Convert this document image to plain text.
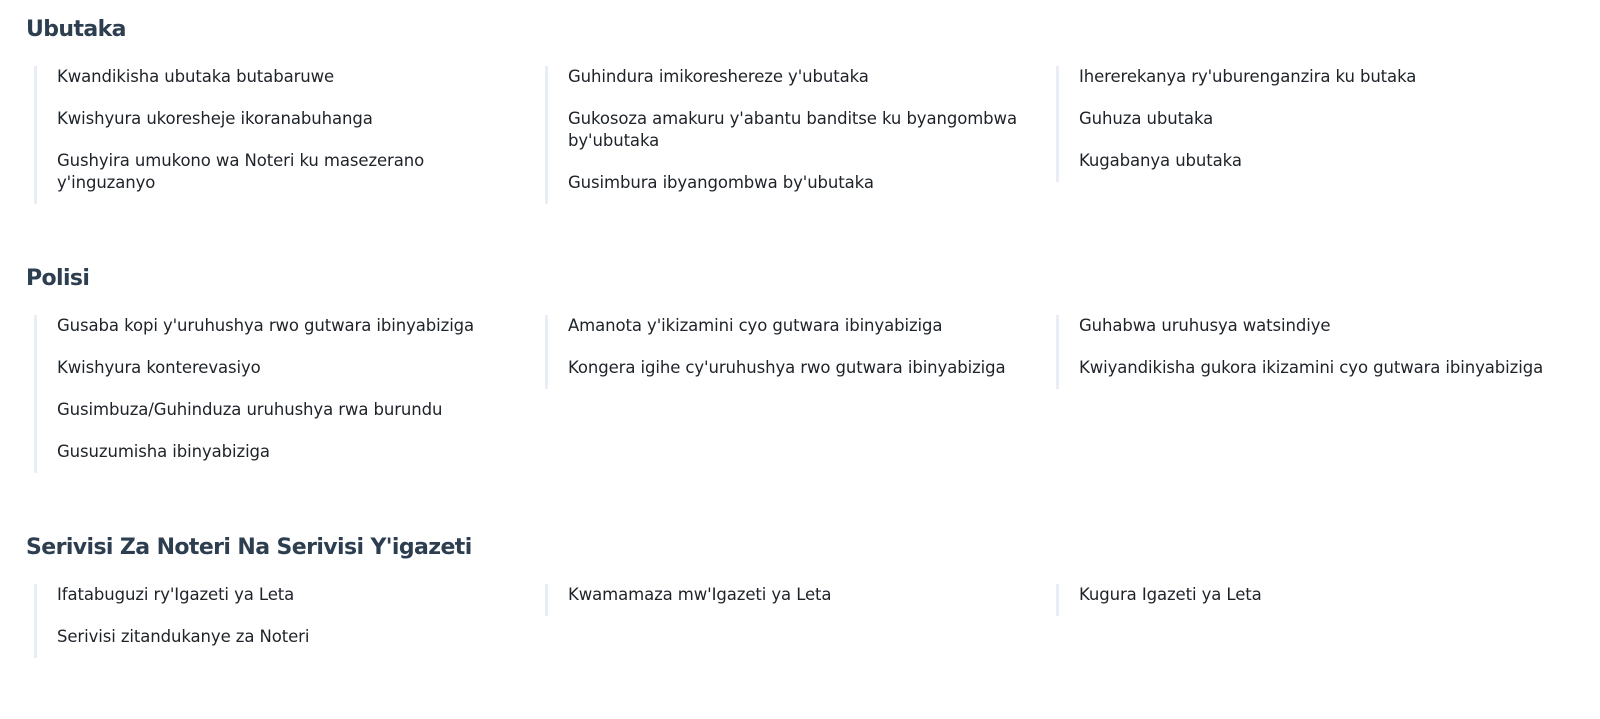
Ubutaka
Kwandikisha ubutaka butabaruwe
Kwishyura ukoresheje ikoranabuhanga
Gushyira umukono wa Noteri ku masezerano y'inguzanyo
Guhindura imikoreshereze y'ubutaka
Gukosoza amakuru y'abantu banditse ku byangombwa by'ubutaka
Gusimbura ibyangombwa by'ubutaka
Ihererekanya ry'uburenganzira ku butaka
Guhuza ubutaka
Kugabanya ubutaka
Polisi
Gusaba kopi y'uruhushya rwo gutwara ibinyabiziga
Kwishyura konterevasiyo
Gusimbuza/Guhinduza uruhushya rwa burundu
Gusuzumisha ibinyabiziga
Amanota y'ikizamini cyo gutwara ibinyabiziga
Kongera igihe cy'uruhushya rwo gutwara ibinyabiziga
Guhabwa uruhusya watsindiye
Kwiyandikisha gukora ikizamini cyo gutwara ibinyabiziga
Serivisi Za Noteri Na Serivisi Y'igazeti
Ifatabuguzi ry'Igazeti ya Leta
Serivisi zitandukanye za Noteri
Kwamamaza mw'Igazeti ya Leta	Kugura Igazeti ya Leta
